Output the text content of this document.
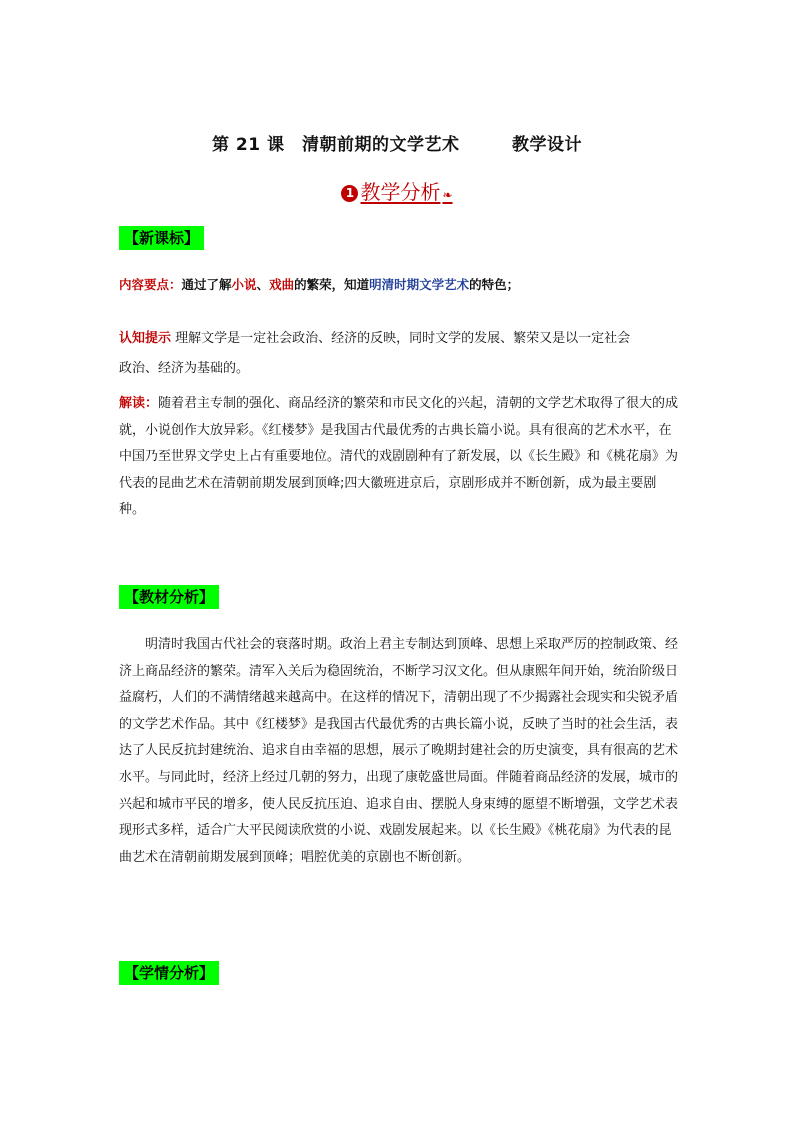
第 21 课　清朝前期的文学艺术　　　教学设计
1 教学分析 ❧
【新课标】
内容要点：通过了解小说、戏曲的繁荣，知道明清时期文学艺术的特色；
认知提示 理解文学是一定社会政治、经济的反映，同时文学的发展、繁荣又是以一定社会
政治、经济为基础的。
解读：随着君主专制的强化、商品经济的繁荣和市民文化的兴起，清朝的文学艺术取得了很大的成就，小说创作大放异彩。《红楼梦》是我国古代最优秀的古典长篇小说。具有很高的艺术水平，在中国乃至世界文学史上占有重要地位。清代的戏剧剧种有了新发展，以《长生殿》和《桃花扇》为代表的昆曲艺术在清朝前期发展到顶峰;四大徽班进京后，京剧形成并不断创新，成为最主要剧种。
【教材分析】
明清时我国古代社会的衰落时期。政治上君主专制达到顶峰、思想上采取严厉的控制政策、经济上商品经济的繁荣。清军入关后为稳固统治，不断学习汉文化。但从康熙年间开始，统治阶级日益腐朽，人们的不满情绪越来越高中。在这样的情况下，清朝出现了不少揭露社会现实和尖锐矛盾的文学艺术作品。其中《红楼梦》是我国古代最优秀的古典长篇小说，反映了当时的社会生活，表达了人民反抗封建统治、追求自由幸福的思想，展示了晚期封建社会的历史演变，具有很高的艺术水平。与同此时，经济上经过几朝的努力，出现了康乾盛世局面。伴随着商品经济的发展，城市的兴起和城市平民的增多，使人民反抗压迫、追求自由、摆脱人身束缚的愿望不断增强，文学艺术表现形式多样，适合广大平民阅读欣赏的小说、戏剧发展起来。以《长生殿》《桃花扇》为代表的昆曲艺术在清朝前期发展到顶峰；唱腔优美的京剧也不断创新。
【学情分析】
